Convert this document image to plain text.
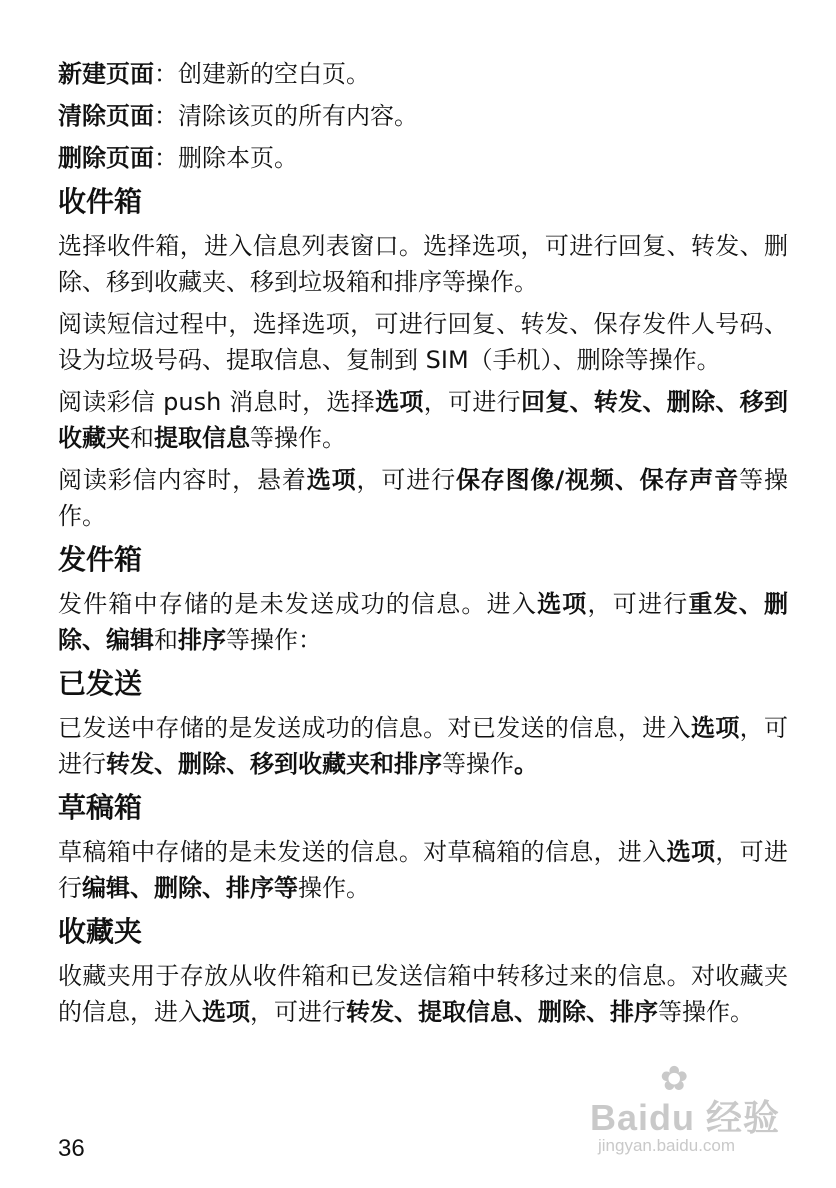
新建页面：创建新的空白页。
清除页面：清除该页的所有内容。
删除页面：删除本页。
收件箱

选择收件箱，进入信息列表窗口。选择选项，可进行回复、转发、删除、移到收藏夹、移到垃圾箱和排序等操作。

阅读短信过程中，选择选项，可进行回复、转发、保存发件人号码、设为垃圾号码、提取信息、复制到 SIM（手机）、删除等操作。

阅读彩信 push 消息时，选择选项，可进行回复、转发、删除、移到收藏夹和提取信息等操作。

阅读彩信内容时，悬着选项，可进行保存图像/视频、保存声音等操作。

发件箱

发件箱中存储的是未发送成功的信息。进入选项，可进行重发、删除、编辑和排序等操作：

已发送

已发送中存储的是发送成功的信息。对已发送的信息，进入选项，可进行转发、删除、移到收藏夹和排序等操作。

草稿箱

草稿箱中存储的是未发送的信息。对草稿箱的信息，进入选项，可进行编辑、删除、排序等操作。

收藏夹

收藏夹用于存放从收件箱和已发送信箱中转移过来的信息。对收藏夹的信息，进入选项，可进行转发、提取信息、删除、排序等操作。

✿
Baidu 经验
jingyan.baidu.com
36
